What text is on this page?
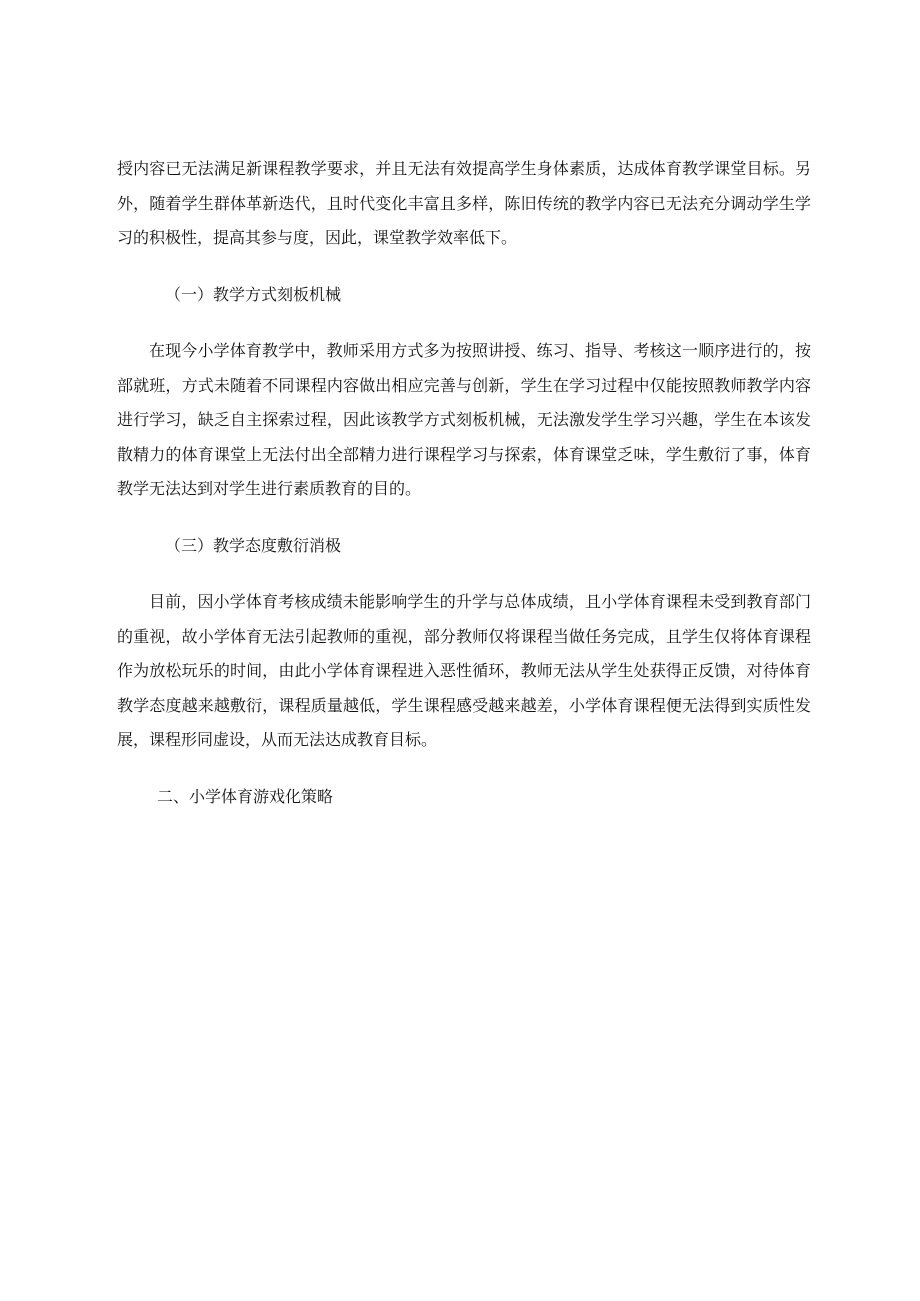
授内容已无法满足新课程教学要求，并且无法有效提高学生身体素质，达成体育教学课堂目标。另外，随着学生群体革新迭代，且时代变化丰富且多样，陈旧传统的教学内容已无法充分调动学生学习的积极性，提高其参与度，因此，课堂教学效率低下。

（一）教学方式刻板机械

在现今小学体育教学中，教师采用方式多为按照讲授、练习、指导、考核这一顺序进行的，按部就班，方式未随着不同课程内容做出相应完善与创新，学生在学习过程中仅能按照教师教学内容进行学习，缺乏自主探索过程，因此该教学方式刻板机械，无法激发学生学习兴趣，学生在本该发散精力的体育课堂上无法付出全部精力进行课程学习与探索，体育课堂乏味，学生敷衍了事，体育教学无法达到对学生进行素质教育的目的。

（三）教学态度敷衍消极

目前，因小学体育考核成绩未能影响学生的升学与总体成绩，且小学体育课程未受到教育部门的重视，故小学体育无法引起教师的重视，部分教师仅将课程当做任务完成，且学生仅将体育课程作为放松玩乐的时间，由此小学体育课程进入恶性循环，教师无法从学生处获得正反馈，对待体育教学态度越来越敷衍，课程质量越低，学生课程感受越来越差，小学体育课程便无法得到实质性发展，课程形同虚设，从而无法达成教育目标。

二、小学体育游戏化策略
